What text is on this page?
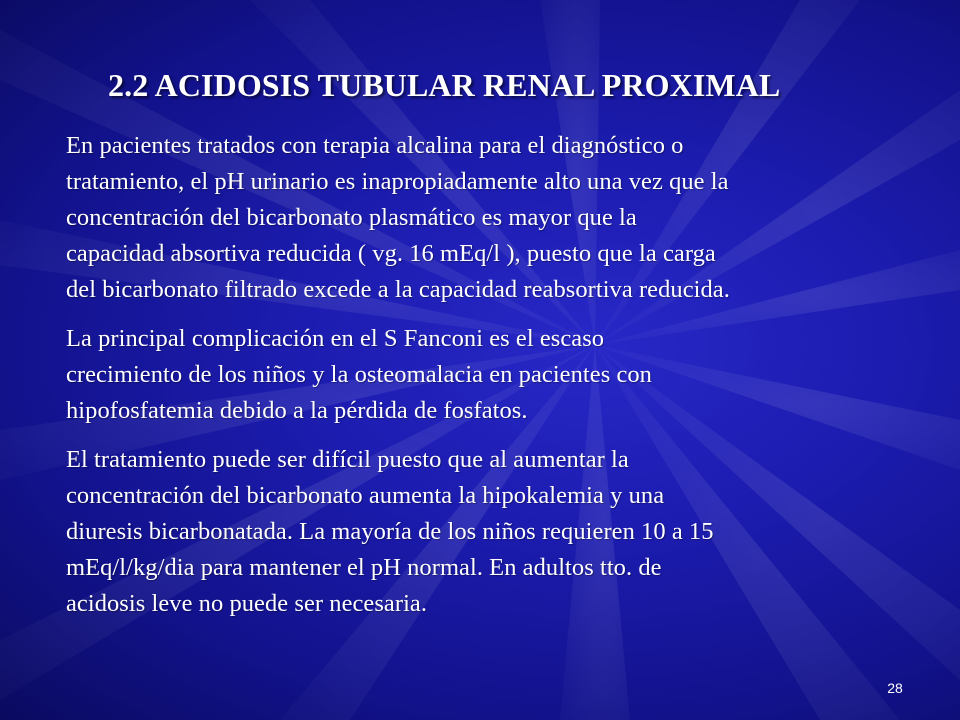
2.2 ACIDOSIS TUBULAR RENAL PROXIMAL

En pacientes tratados con terapia alcalina para el diagnóstico o
tratamiento, el pH urinario es inapropiadamente alto una vez que la
concentración del bicarbonato plasmático es mayor que la
capacidad absortiva reducida ( vg. 16 mEq/l ), puesto que la carga
del bicarbonato filtrado excede a la capacidad reabsortiva reducida.

La principal complicación en el S Fanconi es el escaso
crecimiento de los niños y la osteomalacia en pacientes con
hipofosfatemia debido a la pérdida de fosfatos.

El tratamiento puede ser difícil puesto que al aumentar la
concentración del bicarbonato aumenta la hipokalemia y una
diuresis bicarbonatada. La mayoría de los niños requieren 10 a 15
mEq/l/kg/dia para mantener el pH normal. En adultos tto. de
acidosis leve no puede ser necesaria.

28
